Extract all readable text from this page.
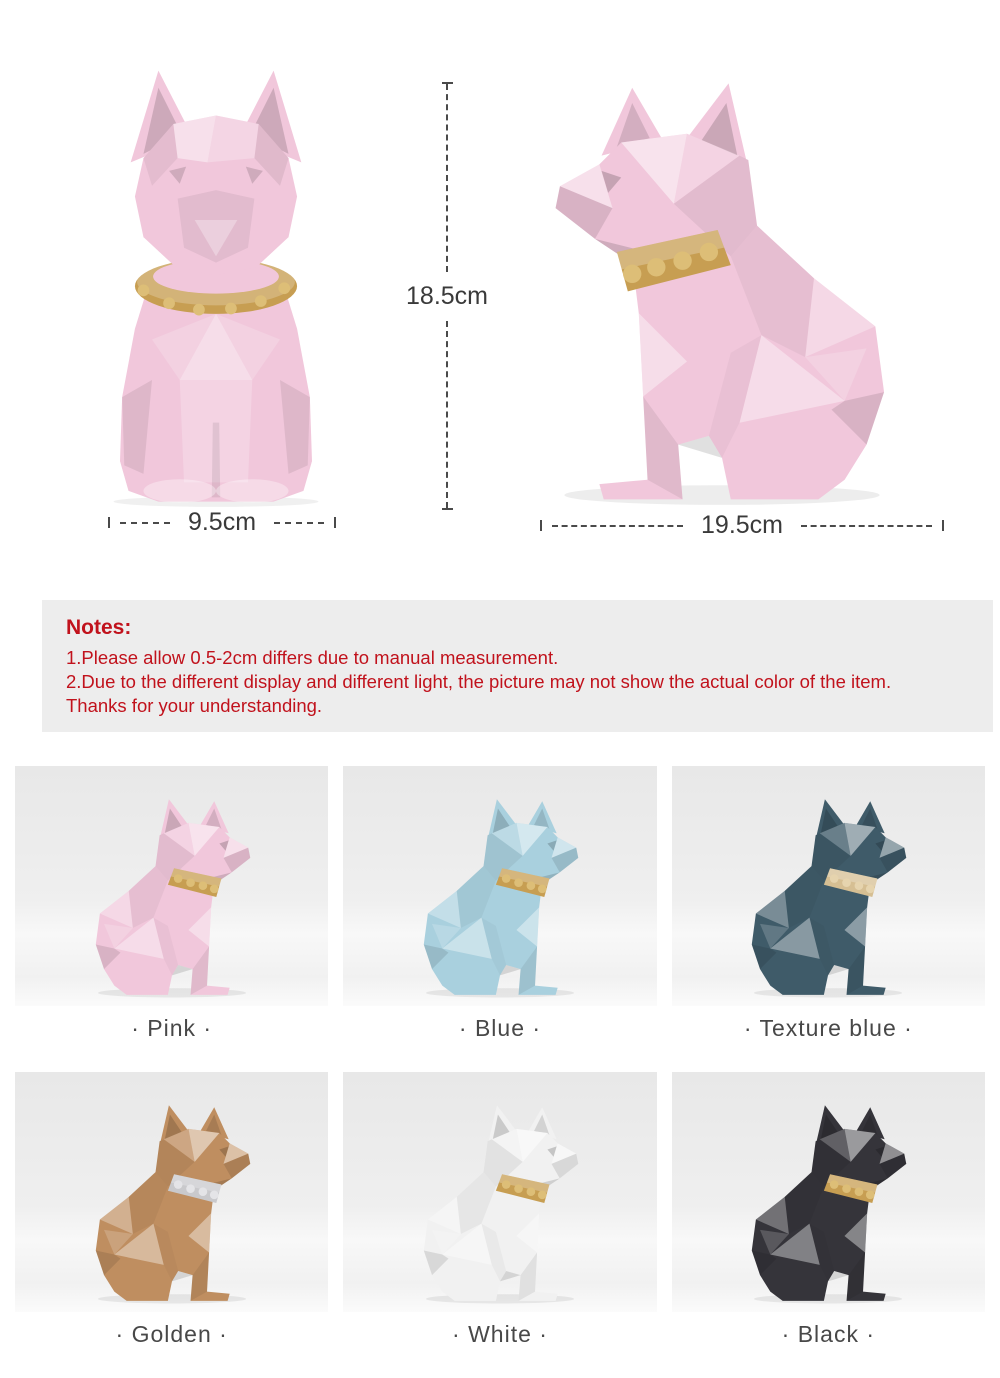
18.5cm
9.5cm	19.5cm

Notes:

1.Please allow 0.5-2cm differs due to manual measurement.

2.Due to the different display and different light, the picture may not show the actual color of the item.

Thanks for your understanding.

· Pink ·	· Blue ·	· Texture blue ·
· Golden ·	· White ·	· Black ·
